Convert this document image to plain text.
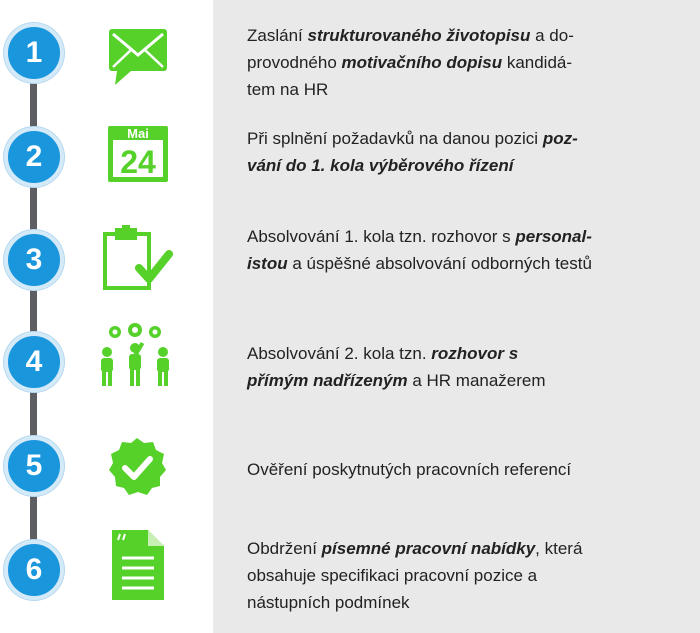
1
2
3
4
5
6
Mai
24
Zaslání strukturovaného životopisu a do-
provodného motivačního dopisu kandidá-
tem na HR
Při splnění požadavků na danou pozici poz-
vání do 1. kola výběrového řízení
Absolvování 1. kola tzn. rozhovor s personal-
istou a úspěšné absolvování odborných testů
Absolvování 2. kola tzn. rozhovor s
přímým nadřízeným a HR manažerem
Ověření poskytnutých pracovních referencí
Obdržení písemné pracovní nabídky, která
obsahuje specifikaci pracovní pozice a
nástupních podmínek
